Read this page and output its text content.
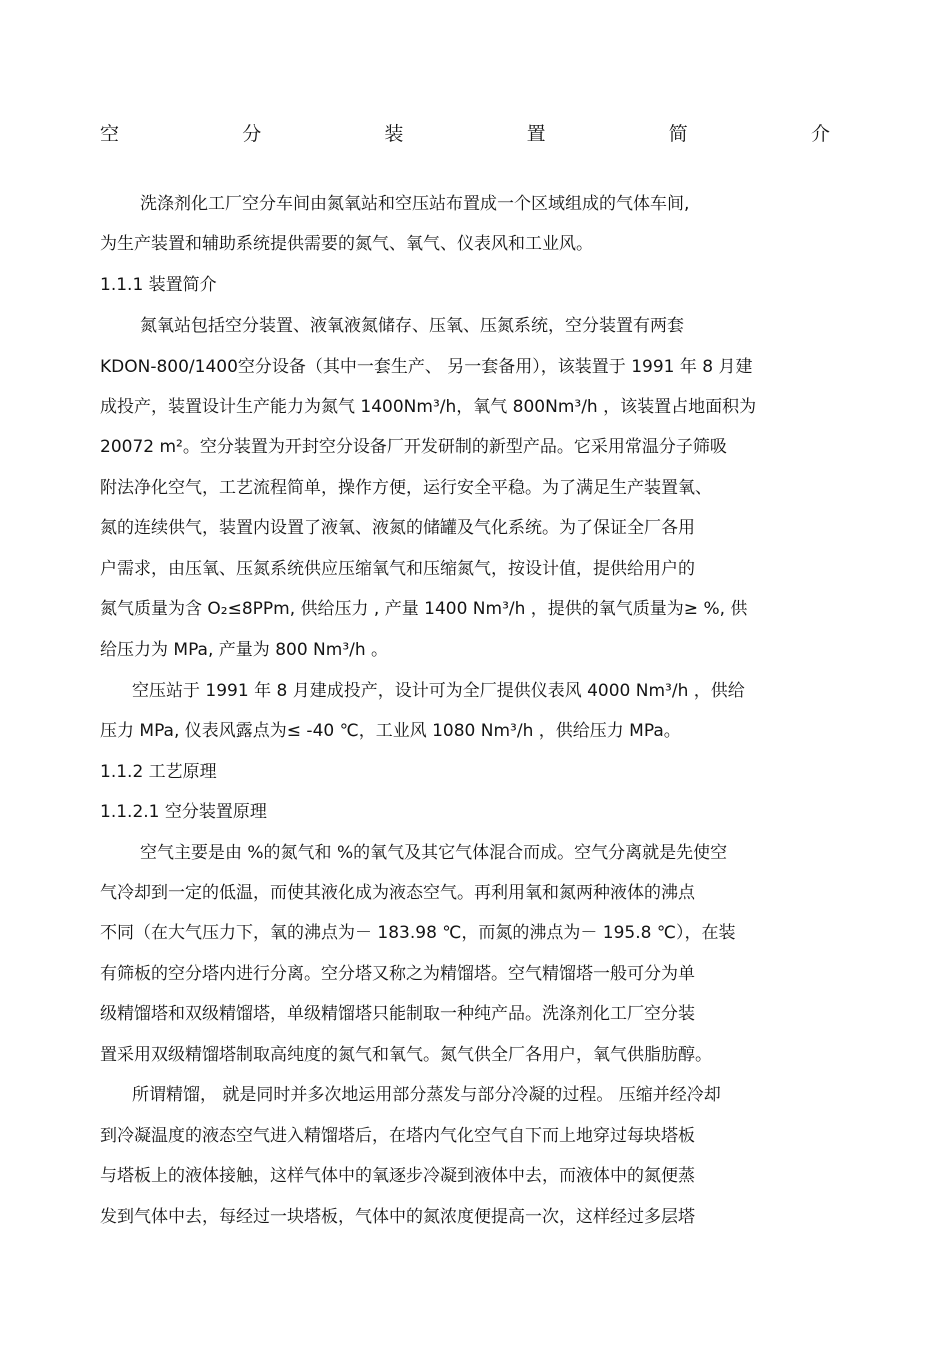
空	分	装	置	简	介
洗涤剂化工厂空分车间由氮氧站和空压站布置成一个区域组成的气体车间,
为生产装置和辅助系统提供需要的氮气、氧气、仪表风和工业风。
1.1.1 装置简介
氮氧站包括空分装置、液氧液氮储存、压氧、压氮系统，空分装置有两套
KDON-800/1400空分设备（其中一套生产、 另一套备用），该装置于 1991 年 8 月建
成投产，装置设计生产能力为氮气 1400Nm³/h，氧气 800Nm³/h ，该装置占地面积为
20072 m²。空分装置为开封空分设备厂开发研制的新型产品。它采用常温分子筛吸
附法净化空气，工艺流程简单，操作方便，运行安全平稳。为了满足生产装置氧、
氮的连续供气，装置内设置了液氧、液氮的储罐及气化系统。为了保证全厂各用
户需求，由压氧、压氮系统供应压缩氧气和压缩氮气，按设计值，提供给用户的
氮气质量为含 O₂≤8PPm, 供给压力 , 产量 1400 Nm³/h ，提供的氧气质量为≥ %, 供
给压力为 MPa, 产量为 800 Nm³/h 。
空压站于 1991 年 8 月建成投产，设计可为全厂提供仪表风 4000 Nm³/h ，供给
压力 MPa, 仪表风露点为≤ -40 ℃，工业风 1080 Nm³/h ，供给压力 MPa。
1.1.2 工艺原理
1.1.2.1 空分装置原理
空气主要是由 %的氮气和 %的氧气及其它气体混合而成。空气分离就是先使空
气冷却到一定的低温，而使其液化成为液态空气。再利用氧和氮两种液体的沸点
不同（在大气压力下，氧的沸点为－ 183.98 ℃，而氮的沸点为－ 195.8 ℃），在装
有筛板的空分塔内进行分离。空分塔又称之为精馏塔。空气精馏塔一般可分为单
级精馏塔和双级精馏塔，单级精馏塔只能制取一种纯产品。洗涤剂化工厂空分装
置采用双级精馏塔制取高纯度的氮气和氧气。氮气供全厂各用户，氧气供脂肪醇。
所谓精馏， 就是同时并多次地运用部分蒸发与部分冷凝的过程。 压缩并经冷却
到冷凝温度的液态空气进入精馏塔后，在塔内气化空气自下而上地穿过每块塔板
与塔板上的液体接触，这样气体中的氧逐步冷凝到液体中去，而液体中的氮便蒸
发到气体中去，每经过一块塔板，气体中的氮浓度便提高一次，这样经过多层塔
